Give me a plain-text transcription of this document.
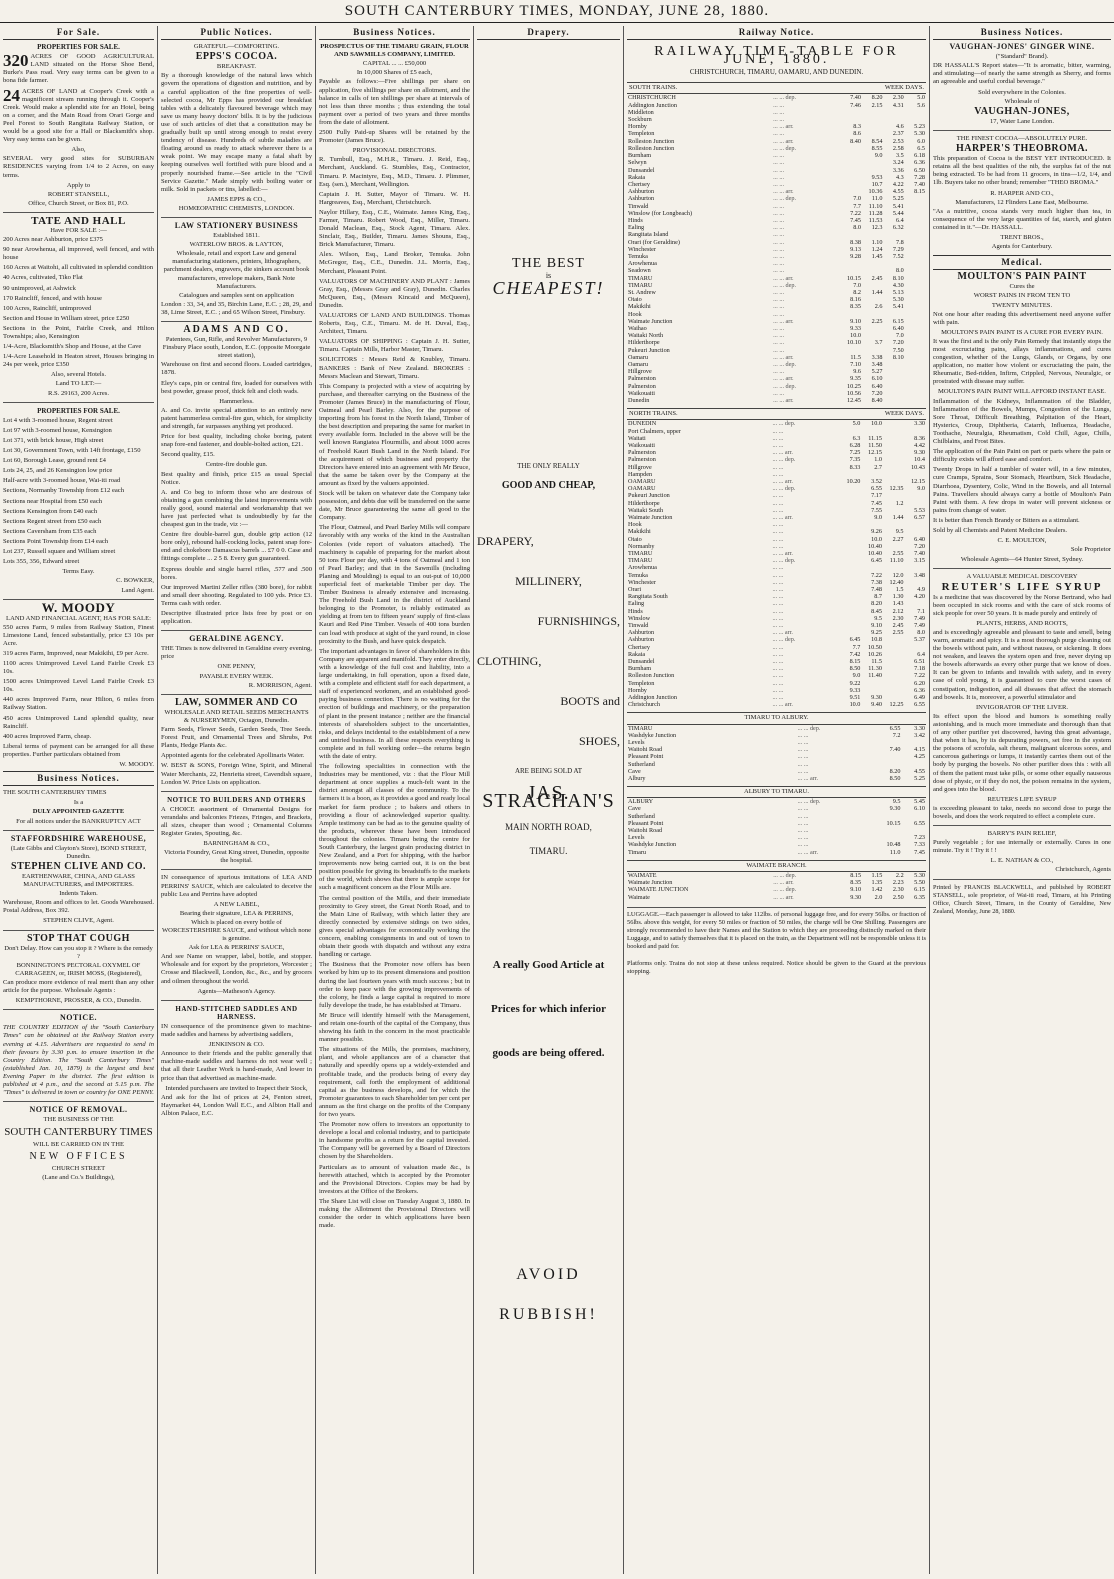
SOUTH CANTERBURY TIMES, MONDAY, JUNE 28, 1880.
For Sale.
PROPERTIES FOR SALE.
320 ACRES OF GOOD AGRICULTURAL LAND situated on the Horse Shoe Bend, Burke's Pass road. Very easy terms can be given to a bona fide farmer.
24 ACRES OF LAND at Cooper's Creek with a magnificent stream running through it. Cooper's Creek. Would make a splendid site for an Hotel, being on a corner, and the Main Road from Orari Gorge and Peel Forest to South Rangitata Railway Station, or would be a good site for a Hall or Blacksmith's shop. Very easy terms can be given.
Also,
SEVERAL very good sites for SUBURBAN RESIDENCES varying from 1/4 to 2 Acres, on easy terms.
Apply to
ROBERT STANSELL,
Office, Church Street, or Box 81, P.O.
TATE AND HALL
Have FOR SALE :—
200 Acres near Ashburton, price £375
90 near Arowhenua, all improved, well fenced, and with house
160 Acres at Waitohi, all cultivated in splendid condition
40 Acres, cultivated, Tiko Flat
90 unimproved, at Ashwick
170 Raincliff, fenced, and with house
100 Acres, Raincliff, unimproved
Section and House in William street, price £250
Sections in the Point, Fairlie Creek, and Hilton Townships; also, Kensington
1/4-Acre, Blacksmith's Shop and House, at the Cave
1/4-Acre Leasehold in Heaton street, Houses bringing in 24s per week, price £350
Also, several Hotels.
Land TO LET:—
R.S. 29163, 200 Acres.
PROPERTIES FOR SALE.
Lot 4 with 3-roomed house, Regent street
Lot 97 with 3-roomed house, Kensington
Lot 371, with brick house, High street
Lot 30, Government Town, with 14ft frontage, £150
Lot 60, Borough Lease, ground rent £4
Lots 24, 25, and 26 Kensington low price
Half-acre with 3-roomed house, Wai-iti road
Sections, Normanby Township from £12 each
Sections near Hospital from £50 each
Sections Kensington from £40 each
Sections Regent street from £50 each
Sections Caversham from £35 each
Sections Point Township from £14 each
Lot 237, Russell square and William street
Lots 355, 356, Edward street
Terms Easy.
C. BOWKER,
Land Agent.
W. MOODY
LAND AND FINANCIAL AGENT, HAS FOR SALE:
550 acres Farm, 9 miles from Railway Station, Finest Limestone Land, fenced substantially, price £3 10s per Acre.
319 acres Farm, Improved, near Makikihi, £9 per Acre.
1100 acres Unimproved Level Land Fairlie Creek £3 10s.
1500 acres Unimproved Level Land Fairlie Creek £3 10s.
440 acres Improved Farm, near Hilton, 6 miles from Railway Station.
450 acres Unimproved Land splendid quality, near Raincliff.
400 acres Improved Farm, cheap.
Liberal terms of payment can be arranged for all these properties. Further particulars obtained from
W. MOODY.
Business Notices.
THE SOUTH CANTERBURY TIMES
Is a
DULY APPOINTED GAZETTE
For all notices under the BANKRUPTCY ACT
STAFFORDSHIRE WAREHOUSE,
(Late Gibbs and Clayton's Store), BOND STREET, Dunedin.
STEPHEN CLIVE AND CO.
EARTHENWARE, CHINA, AND GLASS MANUFACTURERS, and IMPORTERS.
Indents Taken.
Warehouse, Room and offices to let. Goods Warehoused. Postal Address, Box 392.
STEPHEN CLIVE, Agent.
STOP THAT COUGH
Don't Delay. How can you stop it ? Where is the remedy ?
BONNINGTON'S PECTORAL OXYMEL OF CARRAGEEN, or, IRISH MOSS, (Registered),
Can produce more evidence of real merit than any other article for the purpose. Wholesale Agents :
KEMPTHORNE, PROSSER, & CO., Dunedin.
NOTICE.
THE COUNTRY EDITION of the "South Canterbury Times" can be obtained at the Railway Station every evening at 4.15. Advertisers are requested to send in their favours by 3.30 p.m. to ensure insertion in the Country Edition. The "South Canterbury Times" (established Jan. 10, 1879) is the largest and best Evening Paper in the district. The first edition is published at 4 p.m., and the second at 5.15 p.m. The "Times" is delivered in town or country for ONE PENNY.
NOTICE OF REMOVAL.
THE BUSINESS OF THE
SOUTH CANTERBURY TIMES
WILL BE CARRIED ON IN THE
NEW OFFICES
CHURCH STREET
(Lane and Co.'s Buildings),
Public Notices.
GRATEFUL—COMFORTING.
EPPS'S COCOA.
BREAKFAST.
By a thorough knowledge of the natural laws which govern the operations of digestion and nutrition, and by a careful application of the fine properties of well-selected cocoa, Mr Epps has provided our breakfast tables with a delicately flavoured beverage which may save us many heavy doctors' bills. It is by the judicious use of such articles of diet that a constitution may be gradually built up until strong enough to resist every tendency of disease. Hundreds of subtle maladies are floating around us ready to attack wherever there is a weak point. We may escape many a fatal shaft by keeping ourselves well fortified with pure blood and a properly nourished frame.—See article in the "Civil Service Gazette." Made simply with boiling water or milk. Sold in packets or tins, labelled:—
JAMES EPPS & CO.,
HOMŒOPATHIC CHEMISTS, LONDON.
LAW STATIONERY BUSINESS
Established 1811.
WATERLOW BROS. & LAYTON,
Wholesale, retail and export Law and general manufacturing stationers, printers, lithographers, parchment dealers, engravers, die sinkers account book manufacturers, envelope makers, Bank Note Manufacturers.
Catalogues and samples sent on application
London : 33, 34, and 35, Birchin Lane, E.C. ; 28, 29, and 38, Lime Street, E.C. ; and 65 Wilson Street, Finsbury.
ADAMS AND CO.
Patentees, Gun, Rifle, and Revolver Manufacturers, 9 Finsbury Place south, London, E.C. (opposite Moorgate street station),
Warehouse on first and second floors. Loaded cartridges, 1878.
Eley's caps, pin or central fire, loaded for ourselves with best powder, grease proof, thick felt and cloth wads.
Hammerless.
A. and Co. invite special attention to an entirely new patent hammerless central-fire gun, which, for simplicity and strength, far surpasses anything yet produced.
Price for best quality, including choke boring, patent snap fore-end fastener, and double-bolted action, £21.
Second quality, £15.
Centre-fire double gun.
Best quality and finish, price £15 as usual Special Notice.
A. and Co beg to inform those who are desirous of obtaining a gun combining the latest improvements with really good, sound material and workmanship that we have just perfected what is undoubtedly by far the cheapest gun in the trade, viz :—
Centre fire double-barrel gun, double grip action (12 bore only), rebound half-cocking locks, patent snap fore-end and chokebore Damascus barrels ... £7 0 0. Case and fittings complete ... 2 5 8. Every gun guaranteed.
Express double and single barrel rifles, .577 and .500 bores.
Our improved Martini Zeller rifles (380 bore), for rabbit and small deer shooting. Regulated to 100 yds. Price £3. Terms cash with order.
Descriptive illustrated price lists free by post or on application.
GERALDINE AGENCY.
THE Times is now delivered in Geraldine every evening, price
ONE PENNY,
PAYABLE EVERY WEEK.
R. MORRISON, Agent.
LAW, SOMMER AND CO
WHOLESALE AND RETAIL SEEDS MERCHANTS & NURSERYMEN, Octagon, Dunedin.
Farm Seeds, Flower Seeds, Garden Seeds, Tree Seeds. Forest Fruit, and Ornamental Trees and Shrubs, Pot Plants, Hedge Plants &c.
Appointed agents for the celebrated Apollinaris Water.
W. BEST & SONS, Foreign Wine, Spirit, and Mineral Water Merchants, 22, Henrietta street, Cavendish square, London W. Price Lists on application.
NOTICE TO BUILDERS AND OTHERS
A CHOICE assortment of Ornamental Designs for verandahs and balconies Friezes, Fringes, and Brackets, all sizes, cheaper than wood ; Ornamental Columns Register Grates, Spouting, &c.
BARNINGHAM & CO.,
Victoria Foundry, Great King street, Dunedin, opposite the hospital.
IN consequence of spurious imitations of LEA AND PERRINS' SAUCE, which are calculated to deceive the public Lea and Perrins have adopted
A NEW LABEL,
Bearing their signature, LEA & PERRINS,
Which is placed on every bottle of WORCESTERSHIRE SAUCE, and without which none is genuine.
Ask for LEA & PERRINS' SAUCE,
And see Name on wrapper, label, bottle, and stopper. Wholesale and for export by the proprietors, Worcester ; Crosse and Blackwell, London, &c., &c., and by grocers and oilmen throughout the world.
Agents—Matheson's Agency.
HAND-STITCHED SADDLES AND HARNESS.
IN consequence of the prominence given to machine-made saddles and harness by advertising saddlers,
JENKINSON & CO.
Announce to their friends and the public generally that machine-made saddles and harness do not wear well ; that all their Leather Work is hand-made, And lower in price than that advertised as machine-made.
Intended purchasers are invited to Inspect their Stock,
And ask for the list of prices at 24, Fenton street, Haymarket 44, London Wall E.C., and Albion Hall and Albion Palace, E.C.
Business Notices.
PROSPECTUS OF THE TIMARU GRAIN, FLOUR AND SAWMILLS COMPANY, LIMITED.
CAPITAL ... ... £50,000
In 10,000 Shares of £5 each,
Payable as follows:—Five shillings per share on application, five shillings per share on allotment, and the balance in calls of ten shillings per share at intervals of not less than three months ; thus extending the total payment over a period of two years and three months from the date of allotment.
2500 Fully Paid-up Shares will be retained by the Promoter (James Bruce).
PROVISIONAL DIRECTORS.
R. Turnbull, Esq., M.H.R., Timaru. J. Reid, Esq., Merchant, Auckland. G. Stumbles, Esq., Contractor, Timaru. P. Macintyre, Esq., M.D., Timaru. J. Plimmer, Esq. (sen.), Merchant, Wellington.
Captain J. H. Sutter, Mayor of Timaru. W. H. Hargreaves, Esq., Merchant, Christchurch.
Naylor Hillary, Esq., C.E., Waimate. James King, Esq., Farmer, Timaru. Robert Wood, Esq., Miller, Timaru. Donald Maclean, Esq., Stock Agent, Timaru. Alex. Sinclair, Esq., Builder, Timaru. James Shouns, Esq., Brick Manufacturer, Timaru.
Alex. Wilson, Esq., Land Broker, Temuka. John McGregor, Esq., C.E., Dunedin. J.L. Morris, Esq., Merchant, Pleasant Point.
VALUATORS OF MACHINERY AND PLANT : James Gray, Esq., (Messrs Gray and Gray), Dunedin. Charles McQueen, Esq., (Messrs Kincaid and McQueen), Dunedin.
VALUATORS OF LAND AND BUILDINGS. Thomas Roberts, Esq., C.E., Timaru. M. de H. Duval, Esq., Architect, Timaru.
VALUATORS OF SHIPPING : Captain J. H. Sutter, Timaru. Captain Mills, Harbor Master, Timaru.
SOLICITORS : Messrs Reid & Knubley, Timaru. BANKERS : Bank of New Zealand. BROKERS : Messrs Maclean and Stewart, Timaru.
This Company is projected with a view of acquiring by purchase, and thereafter carrying on the Business of the Promoter (James Bruce) in the manufacturing of Flour, Oatmeal and Pearl Barley. Also, for the purpose of importing from his forest in the North Island, Timber of the best description and preparing the same for market in every available form. Included in the above will be the well known Rangiatea Flourmills, and about 1000 acres of Freehold Kauri Bush Land in the North Island. For the acquirement of which business and property the Directors have entered into an agreement with Mr Bruce, that the same be taken over by the Company at the amount as fixed by the valuers appointed.
Stock will be taken on whatever date the Company take possession, and debts due will be transferred on the same date, Mr Bruce guaranteeing the same all good to the Company.
The Flour, Oatmeal, and Pearl Barley Mills will compare favorably with any works of the kind in the Australian Colonies (vide report of valuators attached). The machinery is capable of preparing for the market about 50 tons Flour per day, with 4 tons of Oatmeal and 1 ton of Pearl Barley; and that in the Sawmills (including Planing and Moulding) is equal to an out-put of 10,000 superficial feet of marketable Timber per day. The Timber Business is already extensive and increasing. The Freehold Bush Land in the district of Auckland belonging to the Promoter, is reliably estimated as yielding at from ten to fifteen years' supply of first-class Kauri and Red Pine Timber. Vessels of 400 tons burden can load with produce at sight of the yard round, in close proximity to the Bush, and have quick despatch.
The important advantages in favor of shareholders in this Company are apparent and manifold. They enter directly, with a knowledge of the full cost and liability, into a large undertaking, in full operation, upon a fixed date, with a complete and efficient staff for each department, a staff of experienced workmen, and an established good-paying business connection. There is no waiting for the erection of buildings and machinery, or the preparation of plant in the present instance ; neither are the financial interests of shareholders subject to the uncertainties, risks, and delays incidental to the establishment of a new and untried business. In all these respects everything is complete and in full working order—the returns begin with the date of entry.
The following specialities in connection with the Industries may be mentioned, viz : that the Flour Mill department at once supplies a much-felt want in the district amongst all classes of the community. To the farmers it is a boon, as it provides a good and ready local market for farm produce ; to bakers and others in providing a flour of acknowledged superior quality. Ample testimony can be had as to the genuine quality of the products, wherever these have been introduced throughout the colonies. Timaru being the centre for South Canterbury, the largest grain producing district in New Zealand, and a Port for shipping, with the harbor improvements now being carried out, it is on the best position possible for giving its breadstuffs to the markets of the world, which shows that there is ample scope for such a magnificent concern as the Flour Mills are.
The central position of the Mills, and their immediate proximity to Grey street, the Great North Road, and to the Main Line of Railway, with which latter they are directly connected by extensive sidings on two sides, gives special advantages for economically working the concern, enabling consignments in and out of town to obtain their goods with dispatch and without any extra handling or cartage.
The Business that the Promoter now offers has been worked by him up to its present dimensions and position during the last fourteen years with much success ; but in order to keep pace with the growing improvements of the colony, he finds a large capital is required to more fully develope the trade, he has established at Timaru.
Mr Bruce will identify himself with the Management, and retain one-fourth of the capital of the Company, thus showing his faith in the concern in the most practicable manner possible.
The situations of the Mills, the premises, machinery, plant, and whole appliances are of a character that naturally and speedily opens up a widely-extended and profitable trade, and the products being of every day requirement, call forth the employment of additional capital as the business develops, and for which the Promoter guarantees to each Shareholder ten per cent per annum as the first charge on the profits of the Company for two years.
The Promoter now offers to investors an opportunity to develope a local and colonial industry, and to participate in handsome profits as a return for the capital invested. The Company will be governed by a Board of Directors chosen by the Shareholders.
Particulars as to amount of valuation made &c., is herewith attached, which is accepted by the Promoter and the Provisional Directors. Copies may be had by investors at the Office of the Brokers.
The Share List will close on Tuesday August 3, 1880. In making the Allotment the Provisional Directors will consider the order in which applications have been made.
Drapery.
THE BEST
is
CHEAPEST!
THE ONLY REALLY
GOOD AND CHEAP,
DRAPERY,
MILLINERY,
FURNISHINGS,
CLOTHING,
BOOTS and
SHOES,
ARE BEING SOLD AT
JAS. STRACHAN'S
MAIN NORTH ROAD,
TIMARU.
A really Good Article at
Prices for which inferior
goods are being offered.
AVOID
RUBBISH!
Railway Notice.
RAILWAY TIME-TABLE FOR JUNE, 1880.
CHRISTCHURCH, TIMARU, OAMARU, AND DUNEDIN.
SOUTH TRAINS.	WEEK DAYS.
CHRISTCHURCH	... ... dep.	7.40	8.20	2.30	5.0
Addington Junction	... ...	7.46	2.15	4.31	5.6
Middleton	... ...				
Sockburn	... ...				
Hornby	... ... arr.	8.3		4.6	5.23
Templeton	... ...	8.6		2.37	5.30
Rolleston Junction	... ... arr.	8.40	8.54	2.53	6.0
Rolleston Junction	... ... dep.		8.55	2.58	6.5
Burnham	... ...		9.0	3.5	6.18
Selwyn	... ...			3.24	6.36
Dunsandel	... ...			3.36	6.50
Rakaia	... ...		9.53	4.3	7.28
Chertsey	... ...		10.7	4.22	7.40
Ashburton	... ... arr.		10.36	4.55	8.15
Ashburton	... ... dep.	7.0	11.0	5.25	
Tinwald	... ...	7.7	11.10	5.41	
Winslow (for Longbeach)	... ...	7.22	11.28	5.44	
Hinds	... ...	7.45	11.53	6.4	
Ealing	... ...	8.0	12.3	6.32	
Rangitata Island	... ...				
Orari (for Geraldine)	... ...	8.38	1.10	7.8	
Winchester	... ...	9.13	1.24	7.29	
Temuka	... ...	9.28	1.45	7.52	
Arowhenua	... ...				
Seadown	... ...			8.0	
TIMARU	... ... arr.	10.15	2.45	8.10	
TIMARU	... ... dep.	7.0		4.30	
St. Andrew	... ...	8.2	1.44	5.13	
Otaio	... ...	8.16		5.30	
Makikihi	... ...	8.35	2.6	5.41	
Hook	... ...				
Waimate Junction	... ... arr.	9.10	2.25	6.15	
Waihao	... ...	9.33		6.40	
Waitaki North	... ...	10.0		7.0	
Hilderthorpe	... ...	10.10	3.7	7.20	
Pukeuri Junction	... ...			7.50	
Oamaru	... ... arr.	11.5	3.38	8.10	
Oamaru	... ... dep.	7.10	3.48		
Hillgrove	... ...	9.6	5.27		
Palmerston	... ... arr.	9.35	6.10		
Palmerston	... ... dep.	10.25	6.40		
Waikouaiti	... ...	10.56	7.20		
Dunedin	... ... arr.	12.45	8.40		
NORTH TRAINS.	WEEK DAYS.
DUNEDIN	... ... dep.	5.0	10.0		3.30
Port Chalmers, upper	... ...				
Waitati	... ...	6.3	11.15		8.36
Waikouaiti	... ...	6.28	11.50		4.42
Palmerston	... ... arr.	7.25	12.15		9.30
Palmerston	... ... dep.	7.35	1.0		10.4
Hillgrove	... ...	8.33	2.7		10.43
Hampden	... ...				
OAMARU	... ... arr.	10.20	3.52		12.15
OAMARU	... ... dep.		6.55	12.35	9.0
Pukeuri Junction	... ...		7.17		
Hilderthorpe	... ...		7.45	1.2	
Waitaki South	... ...		7.55		5.53
Waimate Junction	... ... arr.		9.0	1.44	6.57
Hook	... ...				
Makikihi	... ...		9.26	9.5	
Otaio	... ...		10.0	2.27	6.40
Normanby	... ...		10.40		7.20
TIMARU	... ... arr.		10.40	2.55	7.40
TIMARU	... ... dep.		6.45	11.10	3.15
Arowhenua	... ...				
Temuka	... ...		7.22	12.0	3.48
Winchester	... ...		7.38	12.40	
Orari	... ...		7.48	1.5	4.9
Rangitata South	... ...		8.7	1.30	4.20
Ealing	... ...		8.20	1.43	
Hinds	... ...		8.45	2.12	7.1
Winslow	... ...		9.5	2.30	7.49
Tinwald	... ...		9.10	2.45	7.49
Ashburton	... ... arr.		9.25	2.55	8.0
Ashburton	... ... dep.	6.45	10.8		5.37
Chertsey	... ...	7.7	10.50		
Rakaia	... ...	7.42	10.26		6.4
Dunsandel	... ...	8.15	11.5		6.51
Burnham	... ...	8.50	11.30		7.18
Rolleston Junction	... ...	9.0	11.40		7.22
Templeton	... ...	9.22			6.20
Hornby	... ...	9.33			6.36
Addington Junction	... ...	9.51	9.30		6.49
Christchurch	... ... arr.	10.0	9.40	12.25	6.55
TIMARU TO ALBURY.
TIMARU	... ... dep.	6.55	3.30
Washdyke Junction	... ...	7.2	3.42
Levels	... ...		
Waitohi Road	... ...	7.40	4.15
Pleasant Point	... ...		4.25
Sutherland	... ...		
Cave	... ...	8.20	4.55
Albury	... ... arr.	8.50	5.25
ALBURY TO TIMARU.
ALBURY	... ... dep.	9.5	5.45
Cave	... ...	9.30	6.10
Sutherland	... ...		
Pleasant Point	... ...	10.15	6.55
Waitohi Road	... ...		
Levels	... ...		7.23
Washdyke Junction	... ...	10.48	7.33
Timaru	... ... arr.	11.0	7.45
WAIMATE BRANCH.
WAIMATE	... ... dep.	8.15	1.15	2.2	5.30
Waimate Junction	... ... arr.	8.35	1.35	2.23	5.50
WAIMATE JUNCTION	... ... dep.	9.10	1.42	2.30	6.15
Waimate	... ... arr.	9.30	2.0	2.50	6.35
LUGGAGE.—Each passenger is allowed to take 112lbs. of personal luggage free, and for every 56lbs. or fraction of 56lbs. above this weight, for every 50 miles or fraction of 50 miles, the charge will be One Shilling. Passengers are strongly recommended to have their Names and the Station to which they are proceeding distinctly marked on their Luggage, and to satisfy themselves that it is placed on the train, as the Department will not be responsible unless it is booked and paid for.
Platforms only. Trains do not stop at these unless required. Notice should be given to the Guard at the previous stopping.
Business Notices.
VAUGHAN-JONES' GINGER WINE.
("Standard" Brand).
DR HASSALL'S Report states—"It is aromatic, bitter, warming, and stimulating—of nearly the same strength as Sherry, and forms an agreeable and useful cordial beverage."
Sold everywhere in the Colonies.
Wholesale of
VAUGHAN-JONES,
17, Water Lane London.
THE FINEST COCOA—ABSOLUTELY PURE.
HARPER'S THEOBROMA.
This preparation of Cocoa is the BEST YET INTRODUCED. It retains all the best qualities of the nib, the surplus fat of the nut being extracted. To be had from 11 grocers, in tins—1/2, 1/4, and 1lb. Buyers take no other brand; remember "THEO BROMA."
R. HARPER AND CO.,
Manufacturers, 12 Flinders Lane East, Melbourne.
"As a nutritive, cocoa stands very much higher than tea, in consequence of the very large quantities of fat, starch, and gluten contained in it."—Dr. HASSALL.
TRENT BROS.,
Agents for Canterbury.
Medical.
MOULTON'S PAIN PAINT
Cures the
WORST PAINS IN FROM TEN TO
TWENTY MINUTES.
Not one hour after reading this advertisement need anyone suffer with pain.
MOULTON'S PAIN PAINT IS A CURE FOR EVERY PAIN.
It was the first and is the only Pain Remedy that instantly stops the most excruciating pains, allays inflammations, and cures congestion, whether of the Lungs, Glands, or Organs, by one application, no matter how violent or excruciating the pain, the Rheumatic, Bed-ridden, Infirm, Crippled, Nervous, Neuralgic, or prostrated with disease may suffer.
MOULTON'S PAIN PAINT WILL AFFORD INSTANT EASE.
Inflammation of the Kidneys, Inflammation of the Bladder, Inflammation of the Bowels, Mumps, Congestion of the Lungs, Sore Throat, Difficult Breathing, Palpitation of the Heart, Hysterics, Croup, Diphtheria, Catarrh, Influenza, Headache, Toothache, Neuralgia, Rheumatism, Cold Chill, Ague, Chills, Chilblains, and Frost Bites.
The application of the Pain Paint on part or parts where the pain or difficulty exists will afford ease and comfort.
Twenty Drops in half a tumbler of water will, in a few minutes, cure Cramps, Sprains, Sour Stomach, Heartburn, Sick Headache, Diarrhoea, Dysentery, Colic, Wind in the Bowels, and all Internal Pains. Travellers should always carry a bottle of Moulton's Pain Paint with them. A few drops in water will prevent sickness or pains from change of water.
It is better than French Brandy or Bitters as a stimulant.
Sold by all Chemists and Patent Medicine Dealers.
C. E. MOULTON,
Sole Proprietor
Wholesale Agents—64 Hunter Street, Sydney.
A VALUABLE MEDICAL DISCOVERY
REUTER'S LIFE SYRUP
Is a medicine that was discovered by the Norse Bertrand, who had been occupied in sick rooms and with the care of sick rooms of sick people for over 50 years. It is made purely and entirely of
PLANTS, HERBS, AND ROOTS,
and is exceedingly agreeable and pleasant to taste and smell, being warm, aromatic and spicy. It is a most thorough purge cleaning out the bowels without pain, and without nausea, or sickening. It does not weaken, and leaves the system open and free, never drying up the bowels afterwards as every other purge that we know of does. It can be given to infants and invalids with safety, and in every case of cold young, it is guaranteed to cure the worst cases of constipation, indigestion, and all diseases that affect the stomach and bowels. It is, moreover, a powerful stimulator and
INVIGORATOR OF THE LIVER.
Its effect upon the blood and humors is something really astonishing, and is much more immediate and thorough than that of any other purifier yet discovered, having this great advantage, that when it has, by its depurating powers, set free in the system the poisons of scrofula, salt rheum, malignant ulcerous sores, and cancerous gatherings or lumps, it instantly carries them out of the body by purging the bowels. No other purifier does this : with all of them the patient must take pills, or some other equally nauseous dose of physic, or if they do not, the poison remains in the system, and goes into the blood.
REUTER'S LIFE SYRUP
is exceeding pleasant to take, needs no second dose to purge the bowels, and does the work required to effect a complete cure.
BARRY'S PAIN RELIEF,
Purely vegetable ; for use internally or externally. Cures in one minute. Try it ! Try it ! !
L. E. NATHAN & CO.,
Christchurch, Agents
Printed by FRANCIS BLACKWELL, and published by ROBERT STANSELL, sole proprietor, of Wai-iti road, Timaru, at his Printing Office, Church Street, Timaru, in the County of Geraldine, New Zealand, Monday, June 28, 1880.
